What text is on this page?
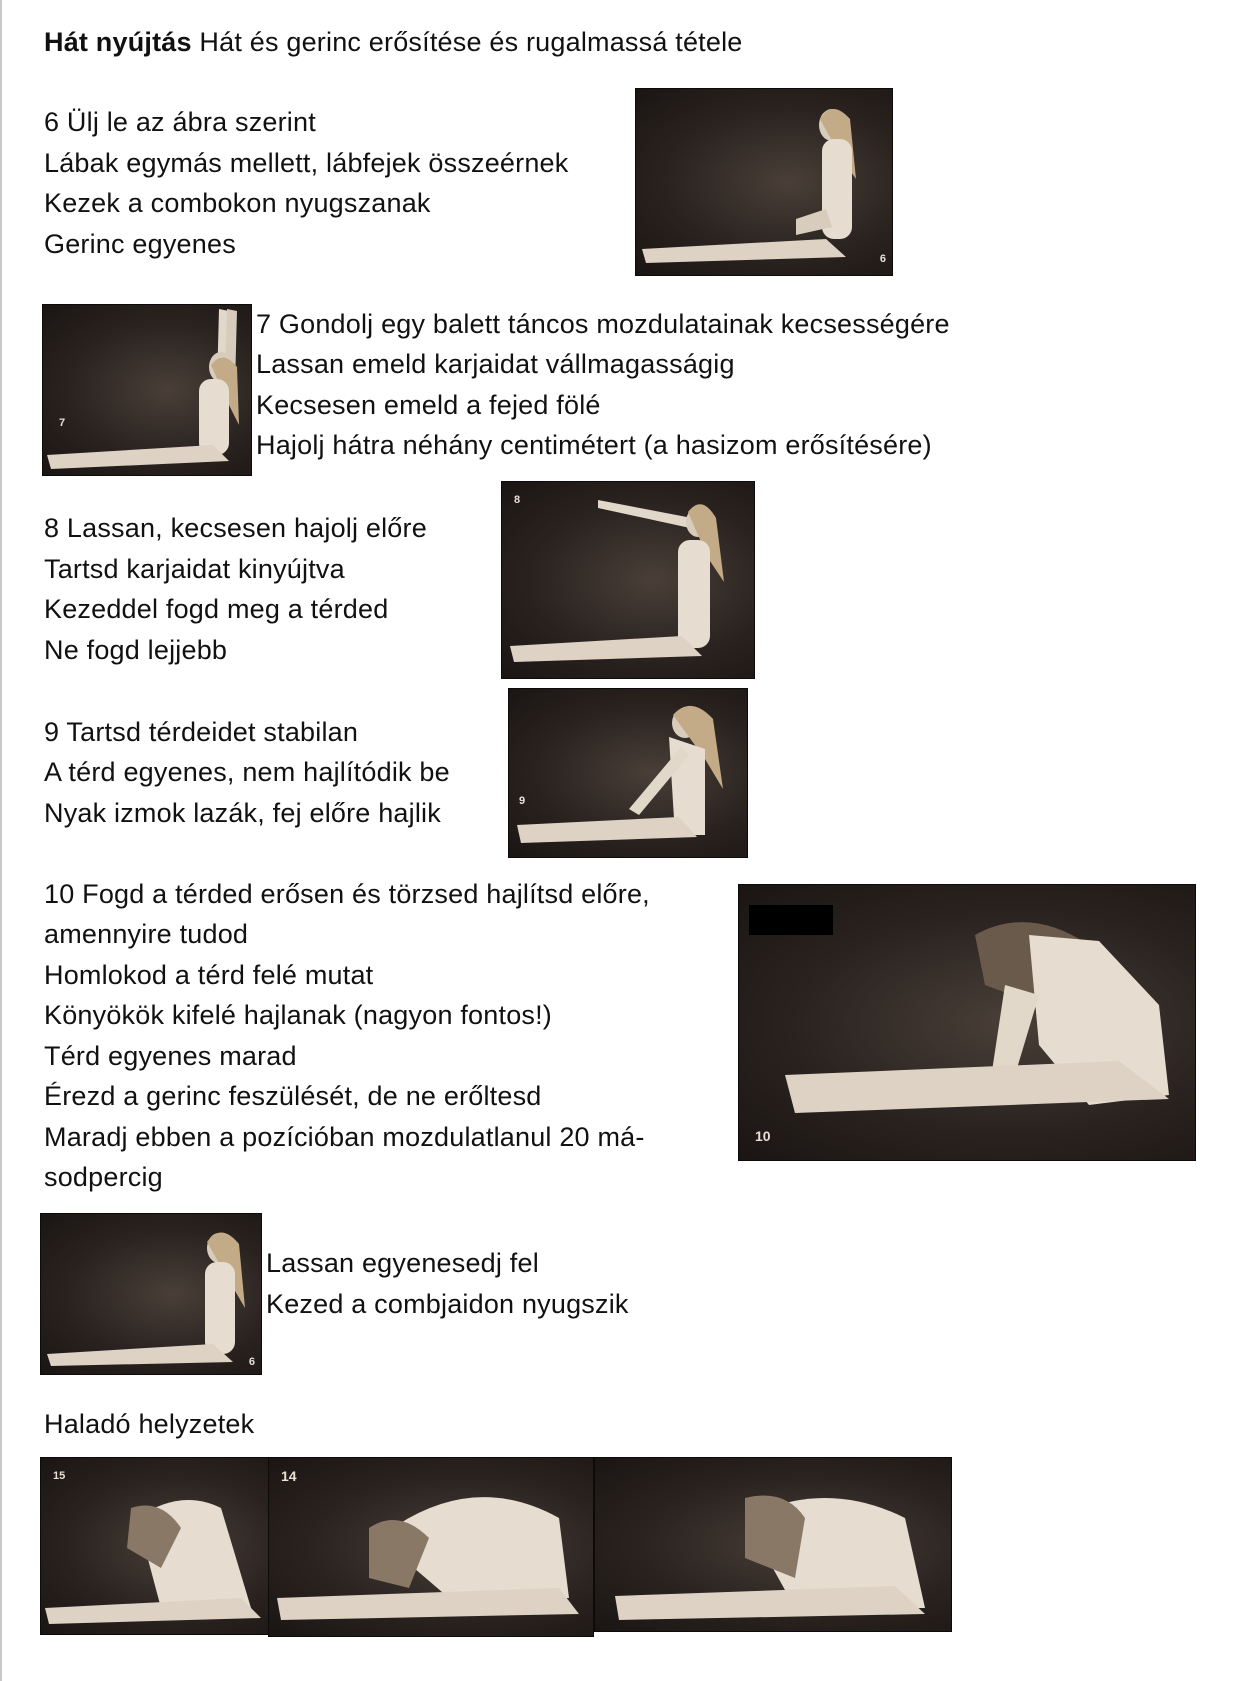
Hát nyújtás Hát és gerinc erősítése és rugalmassá tétele
6 Ülj le az ábra szerint
Lábak egymás mellett, lábfejek összeérnek
Kezek a combokon nyugszanak
Gerinc egyenes	6
7
7 Gondolj egy balett táncos mozdulatainak kecsességére
Lassan emeld karjaidat vállmagasságig
Kecsesen emeld a fejed fölé
Hajolj hátra néhány centimétert (a hasizom erősítésére)
8 Lassan, kecsesen hajolj előre
Tartsd karjaidat kinyújtva
Kezeddel fogd meg a térded
Ne fogd lejjebb
8
9 Tartsd térdeidet stabilan
A térd egyenes, nem hajlítódik be
Nyak izmok lazák, fej előre hajlik	9
10 Fogd a térded erősen és törzsed hajlítsd előre,
amennyire tudod
Homlokod a térd felé mutat
Könyökök kifelé hajlanak (nagyon fontos!)
Térd egyenes marad
Érezd a gerinc feszülését, de ne erőltesd
Maradj ebben a pozícióban mozdulatlanul 20 má-
sodpercig
10
6
Lassan egyenesedj fel
Kezed a combjaidon nyugszik
Haladó helyzetek
15	14
